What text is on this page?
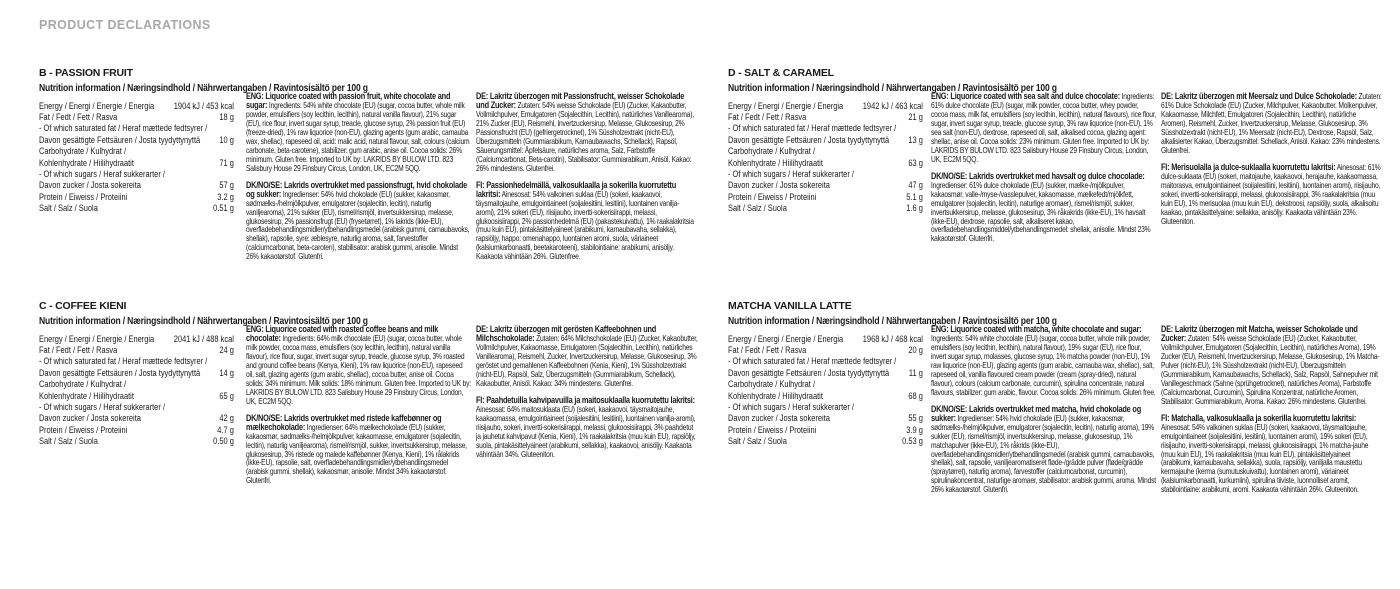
PRODUCT DECLARATIONS
B - PASSION FRUIT
Nutrition information / Næringsindhold / Nährwertangaben / Ravintosisältö per 100 g
Energy / Energi / Energie / Energia 1904 kJ / 453 kcal
Fat / Fedt / Fett / Rasva	18 g
- Of which saturated fat / Heraf mættede fedtsyrer /
Davon gesättigte Fettsäuren / Josta tyydyttynyttä 10 g
Carbohydrate / Kulhydrat /
Kohlenhydrate / Hiilihydraatit	71 g
- Of which sugars / Heraf sukkerarter /
Davon zucker / Josta sokereita	57 g
Protein / Eiweiss / Proteiini	3.2 g
Salt / Salz / Suola	0.51 g

ENG: Liquorice coated with passion fruit, white chocolate and sugar: Ingredients: 54% white chocolate (EU) (sugar, cocoa butter, whole milk powder, emulsifiers (soy lecithin, lecithin), natural vanilla flavour), 21% sugar (EU), rice flour, invert sugar syrup, treacle, glucose syrup, 2% passion fruit (EU) (freeze-dried), 1% raw liquorice (non-EU), glazing agents (gum arabic, carnauba wax, shellac), rapeseed oil, acid: malic acid, natural flavour, salt, colours (calcium carbonate, beta-carotene), stabilizer: gum arabic, anise oil. Cocoa solids: 26% minimum. Gluten free. Imported to UK by: LAKRIDS BY BULOW LTD. 823 Salisbury House 29 Finsbury Circus, London, UK, EC2M 5QQ.

DK/NO/SE: Lakrids overtrukket med passionsfrugt, hvid chokolade og sukker: Ingredienser: 54% hvid chokolade (EU) (sukker, kakaosmør, sødmælks-/helmjölkpulver, emulgatorer (sojalecitin, lecitin), naturlig vaniljearoma), 21% sukker (EU), rismel/rismjöl, invertsukkersirup, melasse, glukosesirup, 2% passionsfrugt (EU) (frysetørret), 1% lakrids (ikke-EU), overfladebehandlingsmidler/ytbehandlingsmedel (arabisk gummi, carnaubavoks, shellak), rapsolie, syre: æblesyre, naturlig aroma, salt, farvestoffer (calciumcarbonat, beta-caroten), stabilisator: arabisk gummi, anisolie. Mindst 26% kakaotørstof. Glutenfri.

DE: Lakritz überzogen mit Passionsfrucht, weisser Schokolade und Zucker: Zutaten: 54% weisse Schokolade (EU) (Zucker, Kakaobutter, Vollmilchpulver, Emulgatoren (Sojalecithin, Lecithin), natürliches Vanillearoma), 21% Zucker (EU), Reismehl, Invertzuckersirup, Melasse, Glukosesirup, 2% Passionsfrucht (EU) (gefriergetrocknet), 1% Süssholzextrakt (nicht-EU), Überzugsmitteln (Gummiarabikum, Karnaubawachs, Schellack), Rapsöl, Säuerungsmittel: Äpfelsäure, natürliches aroma, Salz, Farbstoffe (Calciumcarbonat, Beta-carotin), Stabilisator: Gummiarabikum, Anisöl. Kakao: 26% mindestens. Glutenfrei.

FI: Passionhedelmällä, valkosuklaalla ja sokerilla kuorrutettu lakritsi: Ainesosat: 54% valkoinen suklaa (EU) (sokeri, kaakaovoi, täysmaitojauhe, emulgointiaineet (soijalesitiini, lesitiini), luontainen vanilja-aromi), 21% sokeri (EU), riisijauho, invertti-sokerisiirappi, melassi, glukoosisiirappi, 2% passionhedelmä (EU) (pakastekuivattu), 1% raakalakritsia (muu kuin EU), pintakäsittelyaineet (arabikumi, karnaubavaha, sellakka), rapsiöljy, happo: omenahappo, luontainen aromi, suola, väriaineet (kalsiumkarbonaatti, beetakaroteeni), stabilointiaine: arabikumi, anisöljy. Kaakaota vähintään 26%. Glutenfree.

C - COFFEE KIENI
Nutrition information / Næringsindhold / Nährwertangaben / Ravintosisältö per 100 g
Energy / Energi / Energie / Energia 2041 kJ / 488 kcal
Fat / Fedt / Fett / Rasva	24 g
- Of which saturated fat / Heraf mættede fedtsyrer /
Davon gesättigte Fettsäuren / Josta tyydyttynyttä 14 g
Carbohydrate / Kulhydrat /
Kohlenhydrate / Hiilihydraatit	65 g
- Of which sugars / Heraf sukkerarter /
Davon zucker / Josta sokereita	42 g
Protein / Eiweiss / Proteiini	4.7 g
Salt / Salz / Suola	0.50 g

ENG: Liquorice coated with roasted coffee beans and milk chocolate: Ingredients: 64% milk chocolate (EU) (sugar, cocoa butter, whole milk powder, cocoa mass, emulsifiers (soy lecithin, lecithin), natural vanilla flavour), rice flour, sugar, invert sugar syrup, treacle, glucose syrup, 3% roasted and ground coffee beans (Kenya, Kieni), 1% raw liquorice (non-EU), rapeseed oil, salt, glazing agents (gum arabic, shellac), cocoa butter, anise oil. Cocoa solids: 34% minimum. Milk solids: 18% minimum. Gluten free. Imported to UK by: LAKRIDS BY BULOW LTD. 823 Salisbury House 29 Finsbury Circus, London, UK, EC2M 5QQ.

DK/NO/SE: Lakrids overtrukket med ristede kaffebønner og mælkechokolade: Ingredienser: 64% mælkechokolade (EU) (sukker, kakaosmør, sødmælks-/helmjölkpulver, kakaomasse, emulgatorer (sojalecitin, lecitin), naturlig vaniljearoma), rismel/rismjöl, sukker, invertsukkersirup, melasse, glukosesirup, 3% ristede og malede kaffebønner (Kenya, Kieni), 1% rålakrids (ikke-EU), rapsolie, salt, overfladebehandlingsmidler/ytbehandlingsmedel (arabisk gummi, shellak), kakaosmør, anisolie. Mindst 34% kakaotørstof. Glutenfri.

DE: Lakritz überzogen mit gerösten Kaffeebohnen und Milchschokolade: Zutaten: 64% Milchschokolade (EU) (Zucker, Kakaobutter, Vollmilchpulver, Kakaomasse, Emulgatoren (Sojalecithin, Lecithin), natürliches Vanillearoma), Reismehl, Zucker, Invertzuckersirup, Melasse, Glukosesirup, 3% geröstet und gemahlenen Kaffeebohnen (Kenia, Kieni), 1% Süssholzextrakt (nicht-EU), Rapsöl, Salz, Überzugsmitteln (Gummiarabikum, Schellack), Kakaobutter, Anisöl. Kakao: 34% mindestens. Glutenfrei.

FI: Paahdetuilla kahvipavuilla ja maitosuklaalla kuorrutettu lakritsi: Ainesosat: 64% maitosuklaata (EU) (sokeri, kaakaovoi, täysmaitojauhe, kaakaomassa, emulgointiaineet (soijalesitiini, lesitiini), luontainen vanilja-aromi), riisijauho, sokeri, invertti-sokerisiirappi, melassi, glukoosisiirappi, 3% paahdetut ja jauhetut kahvipavut (Kenia, Kieni), 1% raakalakritsia (muu kuin EU), rapsiöljy, suola, pintakäsittelyaineet (arabikumi, sellakka), kaakaovoi, anisöljy. Kaakaota vähintään 34%. Gluteeniton.

D - SALT & CARAMEL
Nutrition information / Næringsindhold / Nährwertangaben / Ravintosisältö per 100 g
Energy / Energi / Energie / Energia 1942 kJ / 463 kcal
Fat / Fedt / Fett / Rasva	21 g
- Of which saturated fat / Heraf mættede fedtsyrer /
Davon gesättigte Fettsäuren / Josta tyydyttynyttä 13 g
Carbohydrate / Kulhydrat /
Kohlenhydrate / Hiilihydraatit	63 g
- Of which sugars / Heraf sukkerarter /
Davon zucker / Josta sokereita	47 g
Protein / Eiweiss / Proteiini	5.1 g
Salt / Salz / Suola	1.6 g

ENG: Liquorice coated with sea salt and dulce chocolate: Ingredients: 61% dulce chocolate (EU) (sugar, milk powder, cocoa butter, whey powder, cocoa mass, milk fat, emulsifiers (soy lecithin, lecithin), natural flavours), rice flour, sugar, invert sugar syrup, treacle, glucose syrup, 3% raw liquorice (non-EU), 1% sea salt (non-EU), dextrose, rapeseed oil, salt, alkalised cocoa, glazing agent: shellac, anise oil. Cocoa solids: 23% minimum. Gluten free. Imported to UK by: LAKRIDS BY BULOW LTD. 823 Salisbury House 29 Finsbury Circus, London, UK, EC2M 5QQ.

DK/NO/SE: Lakrids overtrukket med havsalt og dulce chocolade: Ingredienser: 61% dulce chokolade (EU) (sukker, mælke-/mjölkpulver, kakaosmør, valle-/myse-/vasslepulver, kakaomasse, mælkefedt/mjölkfett, emulgatorer (sojalecitin, lecitin), naturlige aromaer), rismel/rismjöl, sukker, invertsukkersirup, melasse, glukosesirup, 3% råkakrids (ikke-EU), 1% havsalt (ikke-EU), dextrose, rapsolie, salt, alkaliseret kakao, overfladebehandlingsmiddel/ytbehandlingsmedel: shellak, anisolie. Mindst 23% kakaotørstof. Glutenfri.

DE: Lakritz überzogen mit Meersalz und Dulce Schokolade: Zutaten: 61% Dulce Schokolade (EU) (Zucker, Milchpulver, Kakaobutter, Molkenpulver, Kakaomasse, Milchfett, Emulgatoren (Sojalecithin, Lecithin), natürliche Aromen), Reismehl, Zucker, Invertzuckersirup, Melasse, Glukosesirup, 3% Süssholzextrakt (nicht-EU), 1% Meersalz (nicht-EU), Dextrose, Rapsöl, Salz, alkalisierter Kakao, Überzugsmittel: Schellack, Anisöl. Kakao: 23% mindestens. Glutenfrei.

FI: Merisuolalla ja dulce-suklaalla kuorrutettu lakritsi: Ainesosat: 61% dulce-suklaata (EU) (sokeri, maitojauhe, kaakaovoi, herajauhe, kaakaomassa, maitorasva, emulgointiaineet (soijalesitiini, lesitiini), luontainen aromi), riisijauho, sokeri, invertti-sokerisiirappi, melassi, glukoosisiirappi, 3% raakalakritsia (muu kuin EU), 1% merisuolaa (muu kuin EU), dekstroosi, rapsiöljy, suola, alkalisoitu kaakao, pintakäsittelyaine: sellakka, anisöljy. Kaakaota vähintään 23%. Gluteeniton.

MATCHA VANILLA LATTE
Nutrition information / Næringsindhold / Nährwertangaben / Ravintosisältö per 100 g
Energy / Energi / Energie / Energia 1968 kJ / 468 kcal
Fat / Fedt / Fett / Rasva	20 g
- Of which saturated fat / Heraf mættede fedtsyrer /
Davon gesättigte Fettsäuren / Josta tyydyttynyttä 11 g
Carbohydrate / Kulhydrat /
Kohlenhydrate / Hiilihydraatit	68 g
- Of which sugars / Heraf sukkerarter /
Davon zucker / Josta sokereita	55 g
Protein / Eiweiss / Proteiini	3.9 g
Salt / Salz / Suola	0.53 g

ENG: Liquorice coated with matcha, white chocolate and sugar: Ingredients: 54% white chocolate (EU) (sugar, cocoa butter, whole milk powder, emulsifiers (soy lecithin, lecithin), natural flavour), 19% sugar (EU), rice flour, invert sugar syrup, molasses, glucose syrup, 1% matcha powder (non-EU), 1% raw liquorice (non-EU), glazing agents (gum arabic, carnauba wax, shellac), salt, rapeseed oil, vanilla flavoured cream powder (cream (spray-dried), natural flavour), colours (calcium carbonate, curcumin), spirulina concentrate, natural flavours, stabilizer: gum arabic, flavour. Cocoa solids: 26% minimum. Gluten free.

DK/NO/SE: Lakrids overtrukket med matcha, hvid chokolade og sukker: Ingredienser: 54% hvid chokolade (EU) (sukker, kakaosmør, sødmælks-/helmjölkpulver, emulgatorer (sojalecitin, lecitin), naturlig aroma), 19% sukker (EU), rismel/rismjöl, invertsukkersirup, melasse, glukosesirup, 1% matchapulver (ikke-EU), 1% råkrids (ikke-EU), overfladebehandlingsmidler/ytbehandlingsmedel (arabisk gummi, carnaubavoks, shellak), salt, rapsolie, vaniljearomatiseret fløde-/grädde pulver (fløde/grädde (spraytørret), naturlig aroma), farvestoffer (calciumcarbonat, curcumin), spirulinakoncentrat, naturlige aromaer, stabilisator: arabisk gummi, aroma. Mindst 26% kakaotørstof. Glutenfri.

DE: Lakritz überzogen mit Matcha, weisser Schokolade und Zucker: Zutaten: 54% weisse Schokolade (EU) (Zucker, Kakaobutter, Vollmilchpulver, Emulgatoren (Sojalecithin, Lecithin), natürliches Aroma), 19% Zucker (EU), Reismehl, Invertzuckersirup, Melasse, Glukosesirup, 1% Matcha-Pulver (nicht-EU), 1% Süssholzextrakt (nicht-EU), Überzugsmitteln (Gummiarabikum, Karnaubawachs, Schellack), Salz, Rapsöl, Sahnepulver mit Vanillegeschmack (Sahne (sprühgetrocknet), natürliches Aroma), Farbstoffe (Calciumcarbonat, Curcumin), Spirulina Konzentrat, natürliche Aromen, Stabilisator: Gummiarabikum, Aroma. Kakao: 26% mindestens. Glutenfrei.

FI: Matchalla, valkosuklaalla ja sokerilla kuorrutettu lakritsi: Ainesosat: 54% valkoinen suklaa (EU) (sokeri, kaakaovoi, täysmaitojauhe, emulgointiaineet (soijalesitiini, lesitiini), luontainen aromi), 19% sokeri (EU), riisijauho, invertti-sokerisiirappi, melassi, glukoosisiirappi, 1% matcha-jauhe (muu kuin EU), 1% raakalakritsia (muu kuin EU), pintakäsittelyaineet (arabikumi, karnaubavaha, sellakka), suola, rapsiöljy, vaniljalla maustettu kermajauhe (kerma (sumutuskuivattu), luontainen aromi), väriaineet (kalsiumkarbonaatti, kurkumiini), spirulina tiiviste, luonnolliset aromit, stabilointiaine: arabikumi, aromi. Kaakaota vähintään 26%. Gluteeniton.
